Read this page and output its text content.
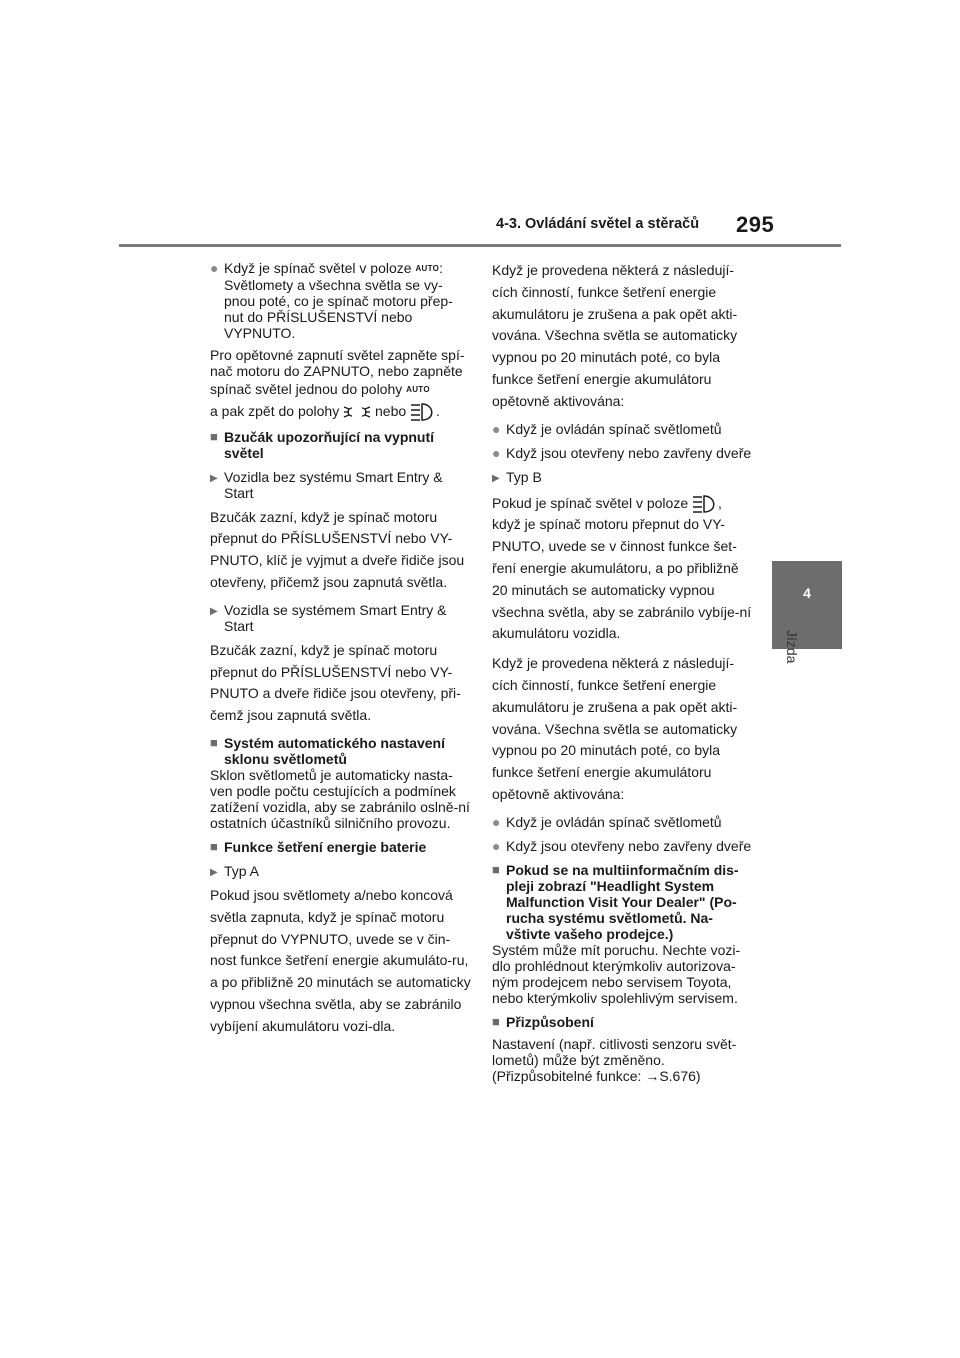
4-3. Ovládání světel a stěračů 295
4
Jízda
● Když je spínač světel v poloze AUTO: Světlomety a všechna světla se vy-pnou poté, co je spínač motoru přep-nut do PŘÍSLUŠENSTVÍ nebo VYPNUTO.

Pro opětovné zapnutí světel zapněte spí-nač motoru do ZAPNUTO, nebo zapněte

spínač světel jednou do polohy AUTO

a pak zpět do polohy  nebo .

■ Bzučák upozorňující na vypnutí světel

▶ Vozidla bez systému Smart Entry & Start

Bzučák zazní, když je spínač motoru přepnut do PŘÍSLUŠENSTVÍ nebo VY-PNUTO, klíč je vyjmut a dveře řidiče jsou otevřeny, přičemž jsou zapnutá světla.

▶ Vozidla se systémem Smart Entry & Start

Bzučák zazní, když je spínač motoru přepnut do PŘÍSLUŠENSTVÍ nebo VY-PNUTO a dveře řidiče jsou otevřeny, při-čemž jsou zapnutá světla.

■ Systém automatického nastavení sklonu světlometů

Sklon světlometů je automaticky nasta-ven podle počtu cestujících a podmínek zatížení vozidla, aby se zabránilo oslně-ní ostatních účastníků silničního provozu.

■ Funkce šetření energie baterie

▶ Typ A

Pokud jsou světlomety a/nebo koncová světla zapnuta, když je spínač motoru přepnut do VYPNUTO, uvede se v čin-nost funkce šetření energie akumuláto-ru, a po přibližně 20 minutách se automaticky vypnou všechna světla, aby se zabránilo vybíjení akumulátoru vozi-dla.

Když je provedena některá z následují-cích činností, funkce šetření energie akumulátoru je zrušena a pak opět akti-vována. Všechna světla se automaticky vypnou po 20 minutách poté, co byla funkce šetření energie akumulátoru opětovně aktivována:

● Když je ovládán spínač světlometů

● Když jsou otevřeny nebo zavřeny dveře

▶ Typ B

Pokud je spínač světel v poloze , když je spínač motoru přepnut do VY-PNUTO, uvede se v činnost funkce šet-ření energie akumulátoru, a po přibližně 20 minutách se automaticky vypnou všechna světla, aby se zabránilo vybíje-ní akumulátoru vozidla.

Když je provedena některá z následují-cích činností, funkce šetření energie akumulátoru je zrušena a pak opět akti-vována. Všechna světla se automaticky vypnou po 20 minutách poté, co byla funkce šetření energie akumulátoru opětovně aktivována:

● Když je ovládán spínač světlometů

● Když jsou otevřeny nebo zavřeny dveře

■ Pokud se na multiinformačním dis-pleji zobrazí "Headlight System Malfunction Visit Your Dealer" (Po-rucha systému světlometů. Na-vštivte vašeho prodejce.)

Systém může mít poruchu. Nechte vozi-dlo prohlédnout kterýmkoliv autorizova-ným prodejcem nebo servisem Toyota, nebo kterýmkoliv spolehlivým servisem.

■ Přizpůsobení

Nastavení (např. citlivosti senzoru svět-lometů) může být změněno.

(Přizpůsobitelné funkce: →S.676)
